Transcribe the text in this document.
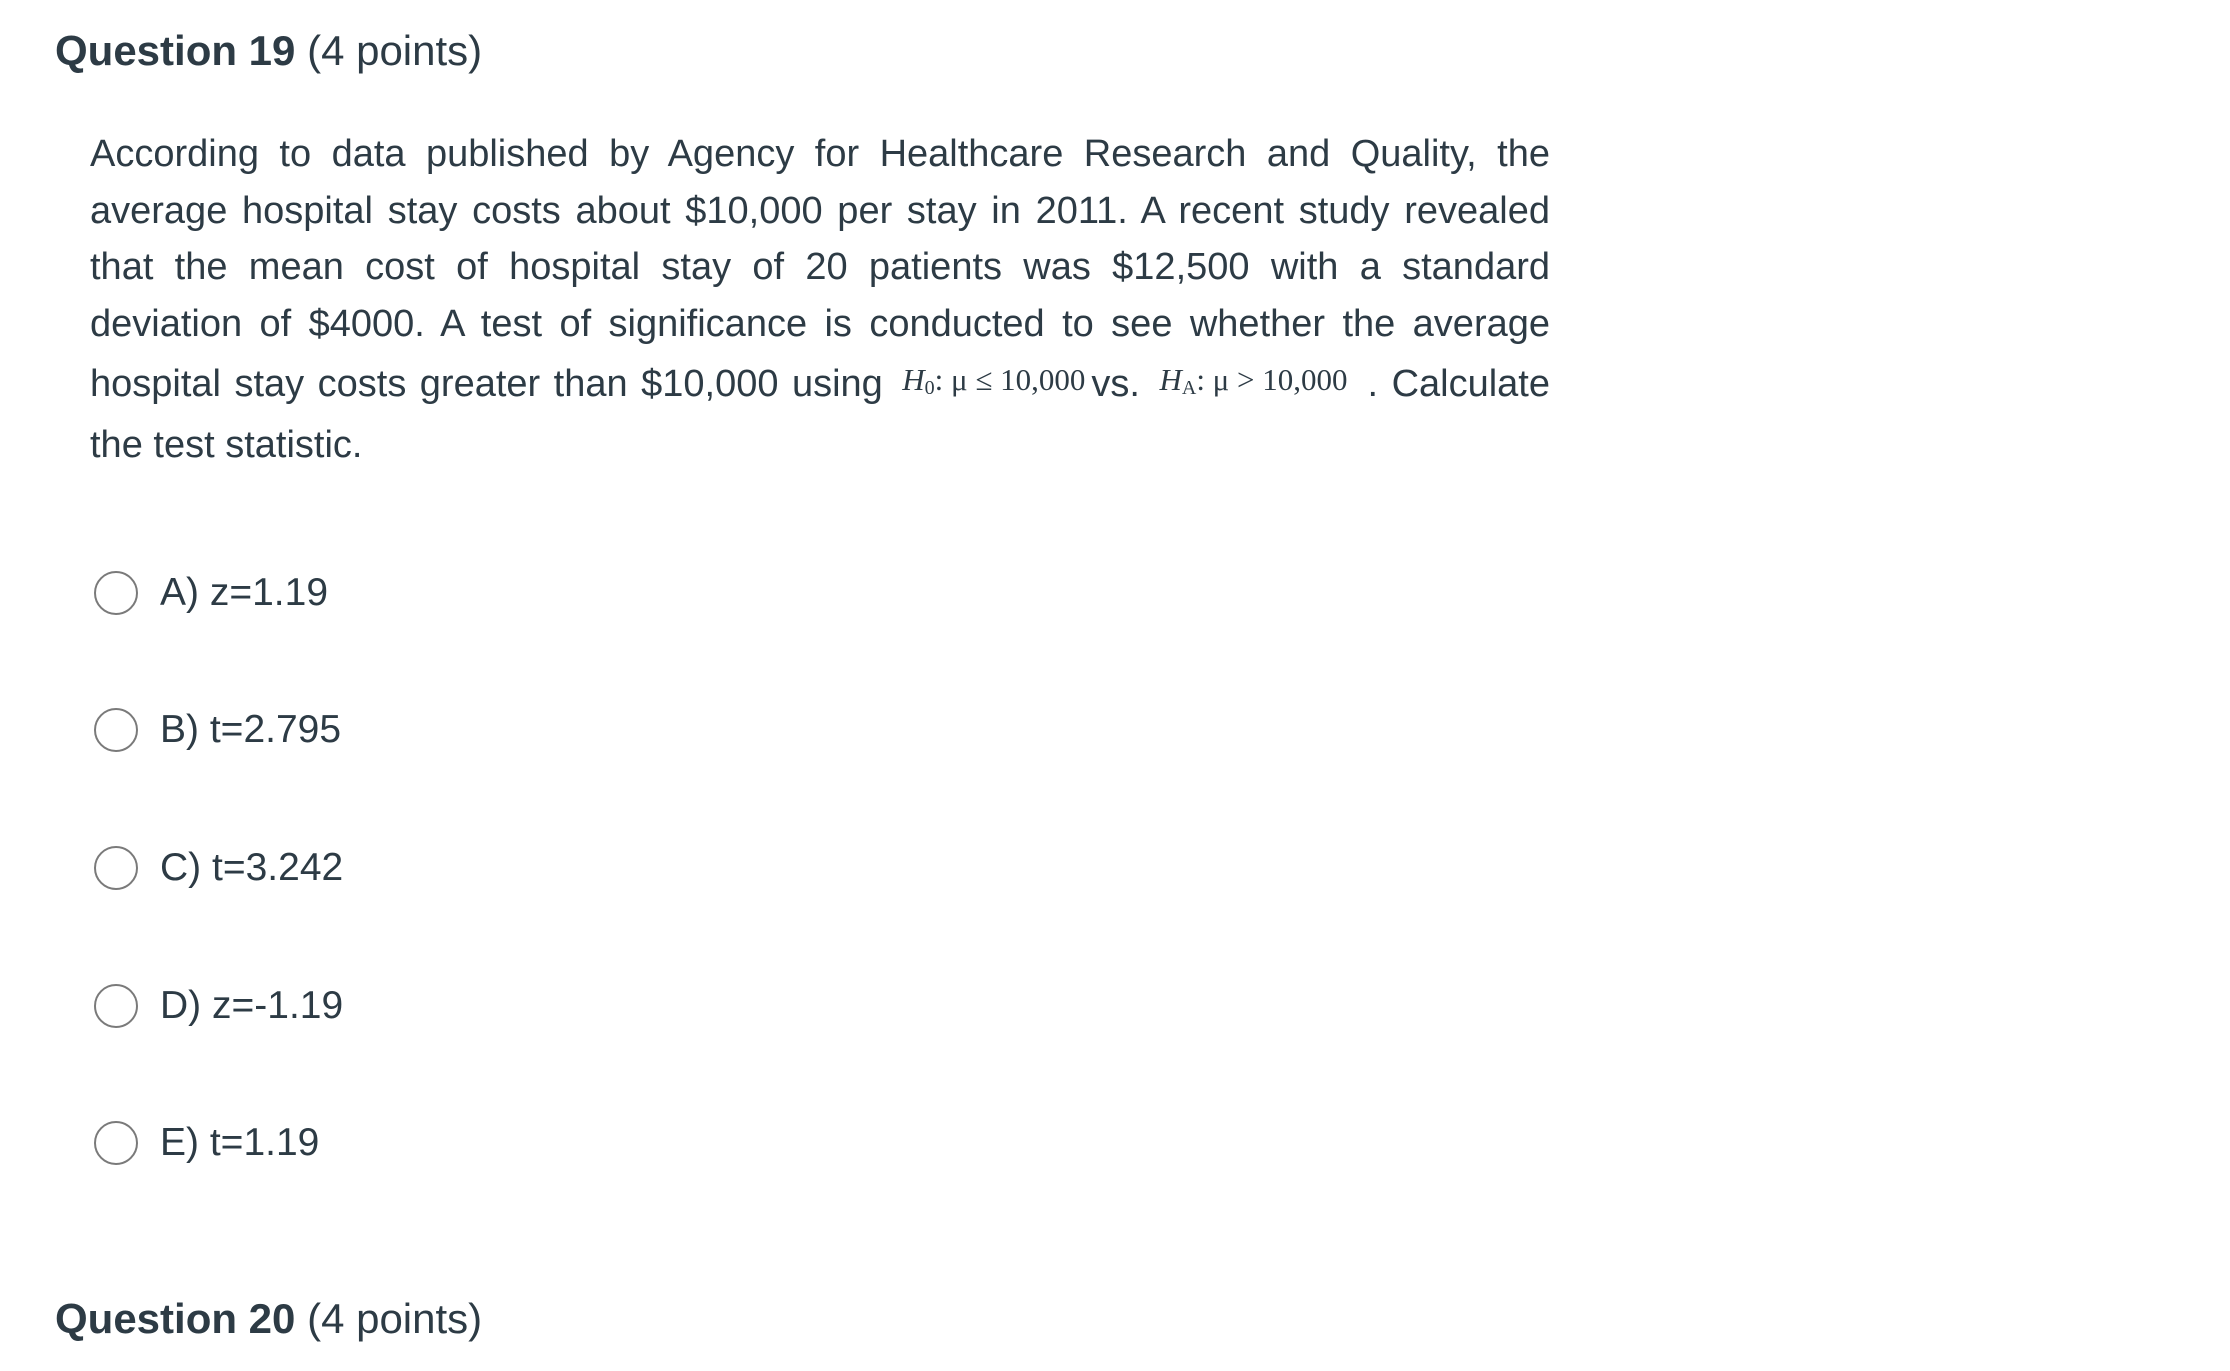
Question 19 (4 points)
According to data published by Agency for Healthcare Research and Quality, the average hospital stay costs about $10,000 per stay in 2011. A recent study revealed that the mean cost of hospital stay of 20 patients was $12,500 with a standard deviation of $4000. A test of significance is conducted to see whether the average hospital stay costs greater than $10,000 using $H_0$: μ ≤ 10,000 vs. $H_A$: μ > 10,000 . Calculate the test statistic.
A) z=1.19
B) t=2.795
C) t=3.242
D) z=-1.19
E) t=1.19
Question 20 (4 points)
